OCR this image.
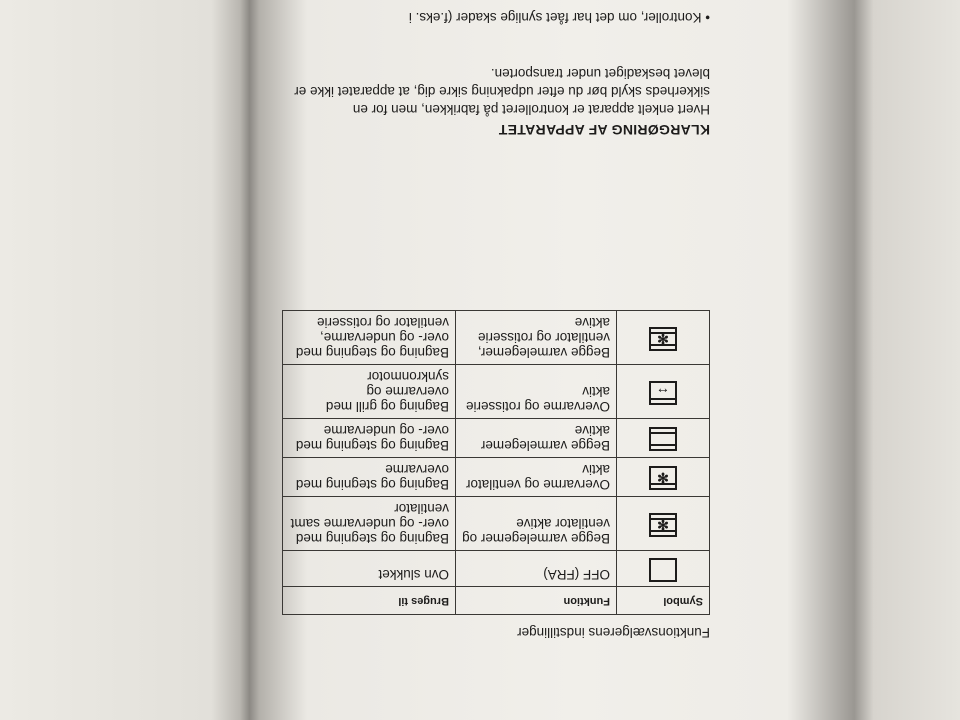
Funktionsvælgerens indstillinger
Symbol	Funktion	Bruges til
	OFF (FRA)	Ovn slukket

✻	Begge varmelegemer og ventilator aktive	Bagning og stegning med over- og undervarme samt ventilator

✻	Overvarme og ventilator aktiv	Bagning og stegning med overvarme

	Begge varmelegemer aktive	Bagning og stegning med over- og undervarme

↔	Overvarme og rotisserie aktiv	Bagning og grill med overvarme og synkronmotor

✻	Begge varmelegemer, ventilator og rotisserie aktive	Bagning og stegning med over- og undervarme, ventilator og rotisserie
KLARGØRING AF APPARATET
Hvert enkelt apparat er kontrolleret på fabrikken, men for en sikkerheds skyld bør du efter udpakning sikre dig, at apparatet ikke er blevet beskadiget under transporten.
• Kontroller, om det har fået synlige skader (f.eks. i
